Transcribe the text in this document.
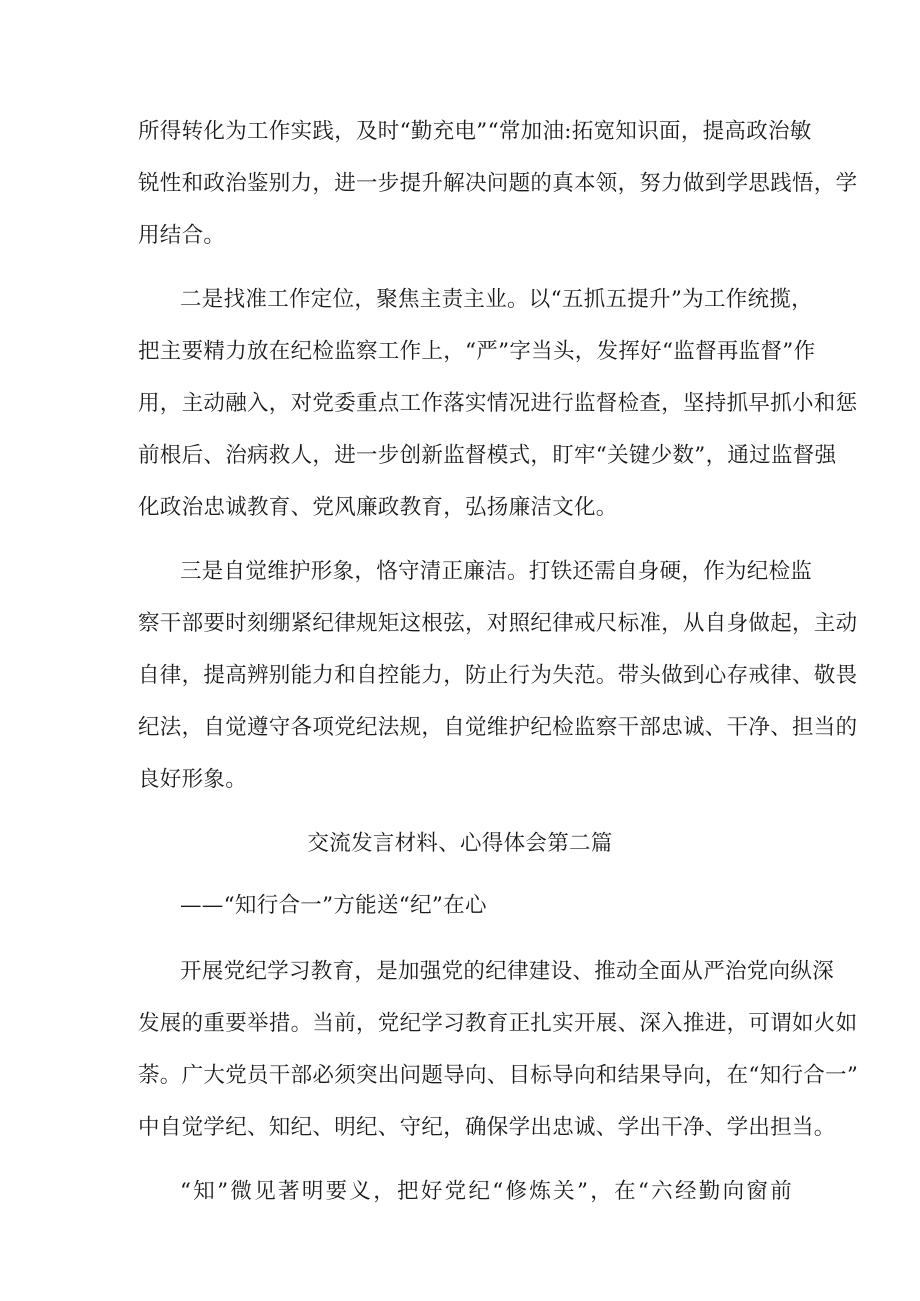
所得转化为工作实践，及时“勤充电”“常加油:拓宽知识面，提高政治敏
锐性和政治鉴别力，进一步提升解决问题的真本领，努力做到学思践悟，学
用结合。
二是找准工作定位，聚焦主责主业。以“五抓五提升”为工作统揽，
把主要精力放在纪检监察工作上，“严”字当头，发挥好“监督再监督”作
用，主动融入，对党委重点工作落实情况进行监督检查，坚持抓早抓小和惩
前根后、治病救人，进一步创新监督模式，盯牢“关键少数”，通过监督强
化政治忠诚教育、党风廉政教育，弘扬廉洁文化。
三是自觉维护形象，恪守清正廉洁。打铁还需自身硬，作为纪检监
察干部要时刻绷紧纪律规矩这根弦，对照纪律戒尺标准，从自身做起，主动
自律，提高辨别能力和自控能力，防止行为失范。带头做到心存戒律、敬畏
纪法，自觉遵守各项党纪法规，自觉维护纪检监察干部忠诚、干净、担当的
良好形象。
交流发言材料、心得体会第二篇
——“知行合一”方能送“纪”在心
开展党纪学习教育，是加强党的纪律建设、推动全面从严治党向纵深
发展的重要举措。当前，党纪学习教育正扎实开展、深入推进，可谓如火如
荼。广大党员干部必须突出问题导向、目标导向和结果导向，在“知行合一”
中自觉学纪、知纪、明纪、守纪，确保学出忠诚、学出干净、学出担当。
“知”微见著明要义，把好党纪“修炼关”，在“六经勤向窗前
